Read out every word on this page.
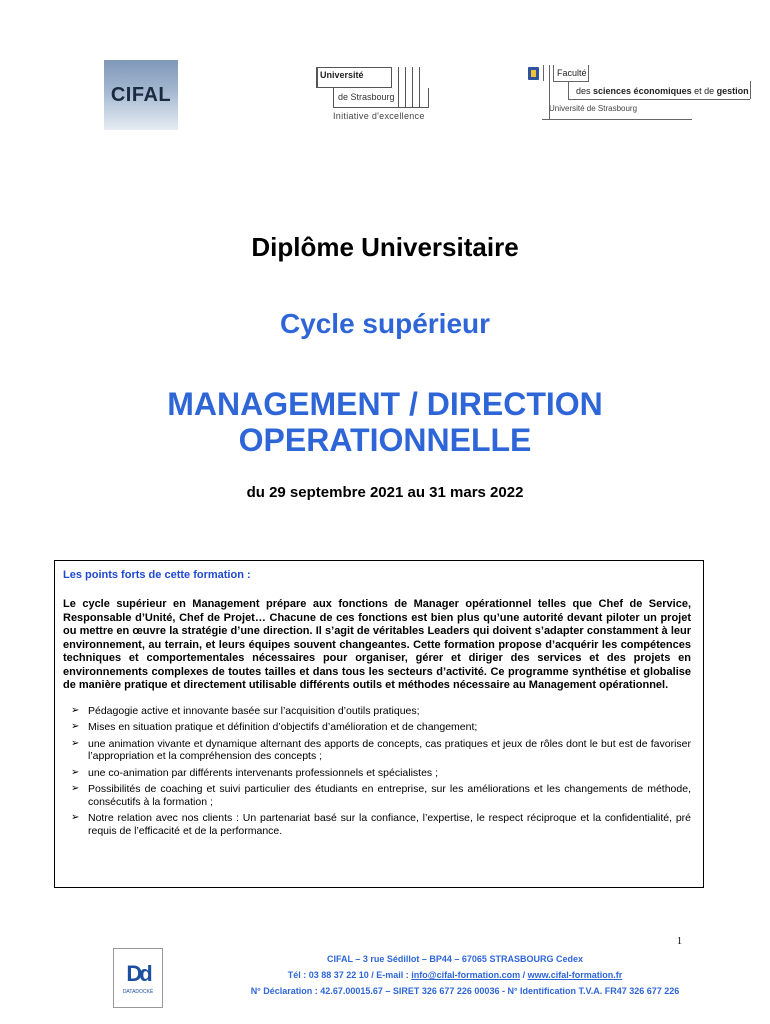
CIFAL
Université
de Strasbourg
Initiative d'excellence
Faculté
des sciences économiques et de gestion
Université de Strasbourg
Diplôme Universitaire
Cycle supérieur
MANAGEMENT / DIRECTION
OPERATIONNELLE
du 29 septembre 2021 au 31 mars 2022
Les points forts de cette formation :

Le cycle supérieur en Management prépare aux fonctions de Manager opérationnel telles que Chef de Service, Responsable d’Unité, Chef de Projet… Chacune de ces fonctions est bien plus qu’une autorité devant piloter un projet ou mettre en œuvre la stratégie d’une direction. Il s’agit de véritables Leaders qui doivent s’adapter constamment à leur environnement, au terrain, et leurs équipes souvent changeantes. Cette formation propose d’acquérir les compétences techniques et comportementales nécessaires pour organiser, gérer et diriger des services et des projets en environnements complexes de toutes tailles et dans tous les secteurs d’activité. Ce programme synthétise et globalise de manière pratique et directement utilisable différents outils et méthodes nécessaire au Management opérationnel.

➢ Pédagogie active et innovante basée sur l’acquisition d’outils pratiques;
➢ Mises en situation pratique et définition d’objectifs d’amélioration et de changement;
➢ une animation vivante et dynamique alternant des apports de concepts, cas pratiques et jeux de rôles dont le but est de favoriser l’appropriation et la compréhension des concepts ;
➢ une co-animation par différents intervenants professionnels et spécialistes ;
➢ Possibilités de coaching et suivi particulier des étudiants en entreprise, sur les améliorations et les changements de méthode, consécutifs à la formation ;
➢ Notre relation avec nos clients : Un partenariat basé sur la confiance, l’expertise, le respect réciproque et la confidentialité, pré requis de l’efficacité et de la performance.
1
Dd
DATADOCKÉ
CIFAL – 3 rue Sédillot – BP44 – 67065 STRASBOURG Cedex
Tél : 03 88 37 22 10 / E-mail : info@cifal-formation.com / www.cifal-formation.fr
N° Déclaration : 42.67.00015.67 – SIRET 326 677 226 00036 - N° Identification T.V.A. FR47 326 677 226
